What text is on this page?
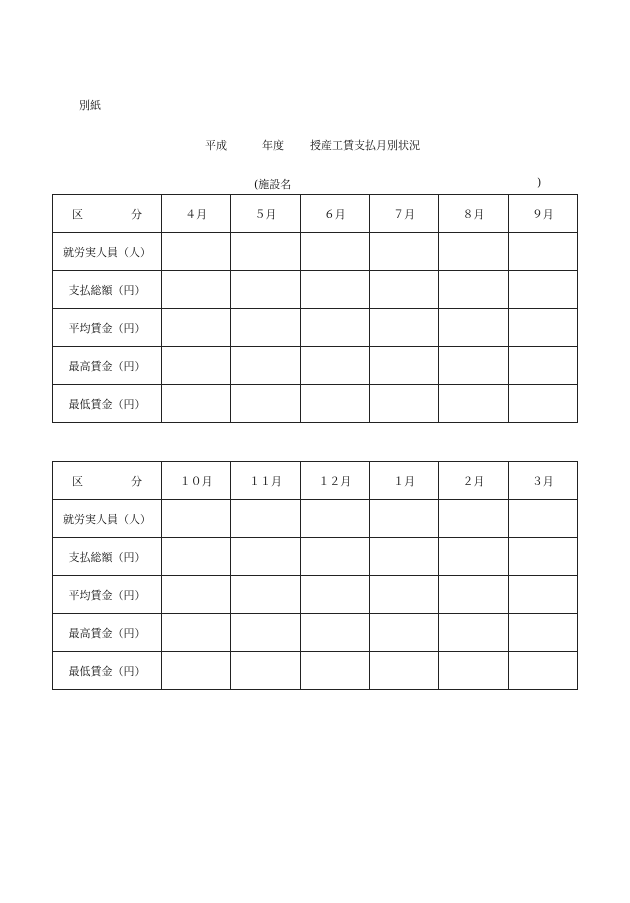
別紙
平成	年度 授産工賃支払月別状況
(施設名	)
区　　分	４月	５月	６月	７月	８月	９月
就労実人員（人）						
支払総額（円）						
平均賃金（円）						
最高賃金（円）						
最低賃金（円）						
区　　分	１０月	１１月	１２月	１月	２月	３月
就労実人員（人）						
支払総額（円）						
平均賃金（円）						
最高賃金（円）						
最低賃金（円）						
